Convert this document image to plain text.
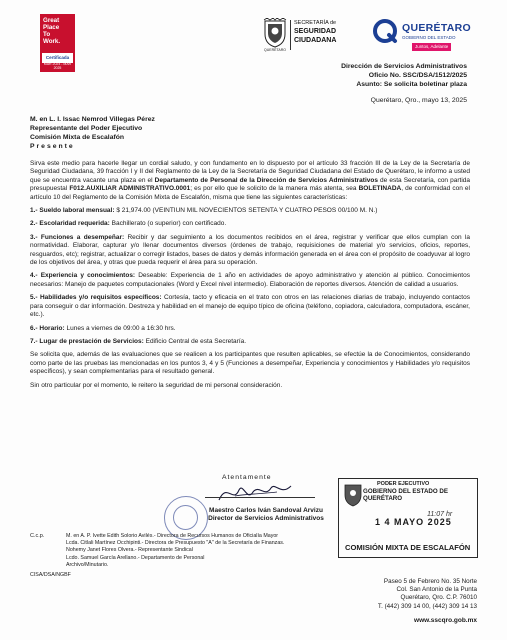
Great
Place
To
Work.
Certificada
MAR 2024 - MAR 2025
QUERÉTARO
SECRETARÍA de
SEGURIDAD
CIUDADANA
QUERÉTARO
GOBIERNO DEL ESTADO
Juntos, Adelante
Dirección de Servicios Administrativos
Oficio No. SSC/DSA/1512/2025
Asunto: Se solicita boletinar plaza
Querétaro, Qro., mayo 13, 2025
M. en L. I. Issac Nemrod Villegas Pérez
Representante del Poder Ejecutivo
Comisión Mixta de Escalafón
Presente

Sirva este medio para hacerle llegar un cordial saludo, y con fundamento en lo dispuesto por el artículo 33 fracción III de la Ley de la Secretaría de Seguridad Ciudadana, 39 fracción I y II del Reglamento de la Ley de la Secretaría de Seguridad Ciudadana del Estado de Querétaro, le informo a usted que se encuentra vacante una plaza en el Departamento de Personal de la Dirección de Servicios Administrativos de esta Secretaría, con partida presupuestal F012.AUXILIAR ADMINISTRATIVO.0001; es por ello que le solicito de la manera más atenta, sea BOLETINADA, de conformidad con el artículo 10 del Reglamento de la Comisión Mixta de Escalafón, misma que tiene las siguientes características:

1.- Sueldo laboral mensual: $ 21,974.00 (VEINTIUN MIL NOVECIENTOS SETENTA Y CUATRO PESOS 00/100 M. N.)

2.- Escolaridad requerida: Bachillerato (o superior) con certificado.

3.- Funciones a desempeñar: Recibir y dar seguimiento a los documentos recibidos en el área, registrar y verificar que ellos cumplan con la normatividad. Elaborar, capturar y/o llenar documentos diversos (órdenes de trabajo, requisiciones de material y/o servicios, oficios, reportes, resguardos, etc); registrar, actualizar o corregir listados, bases de datos y demás información generada en el área con el propósito de coadyuvar al logro de los objetivos del área, y otras que pueda requerir el área para su operación.

4.- Experiencia y conocimientos: Deseable: Experiencia de 1 año en actividades de apoyo administrativo y atención al público. Conocimientos necesarios: Manejo de paquetes computacionales (Word y Excel nivel intermedio). Elaboración de reportes diversos. Atención de calidad a usuarios.

5.- Habilidades y/o requisitos específicos: Cortesía, tacto y eficacia en el trato con otros en las relaciones diarias de trabajo, incluyendo contactos para conseguir o dar información. Destreza y habilidad en el manejo de equipo típico de oficina (teléfono, copiadora, calculadora, computadora, escáner, etc.).

6.- Horario: Lunes a viernes de 09:00 a 16:30 hrs.

7.- Lugar de prestación de Servicios: Edificio Central de esta Secretaría.

Se solicita que, además de las evaluaciones que se realicen a los participantes que resulten aplicables, se efectúe la de Conocimientos, considerando como parte de las pruebas las mencionadas en los puntos 3, 4 y 5 (Funciones a desempeñar, Experiencia y conocimientos y Habilidades y/o requisitos específicos), y sean complementarias para el resultado general.

Sin otro particular por el momento, le reitero la seguridad de mi personal consideración.

Atentamente
Maestro Carlos Iván Sandoval Arvizu
Director de Servicios Administrativos
PODER EJECUTIVO
GOBIERNO DEL ESTADO DE QUERÉTARO
1 4 MAYO 2025
11:07 hr
COMISIÓN MIXTA DE ESCALAFÓN
C.c.p.	M. en A. P. Ivette Edith Solorio Avilés.- Directora de Recursos Humanos de Oficialía Mayor
Lcda. Citlali Martínez Occhipinti.- Directora de Presupuesto "A" de la Secretaría de Finanzas.
Nohemy Janet Flores Olvera.- Representante Sindical
Lcdo. Samuel García Arellano.- Departamento de Personal
Archivo/Minutario.
CISA/DSA/NGBF
Paseo 5 de Febrero No. 35 Norte
Col. San Antonio de la Punta
Querétaro, Qro. C.P. 76010
T. (442) 309 14 00, (442) 309 14 13
www.sscqro.gob.mx
